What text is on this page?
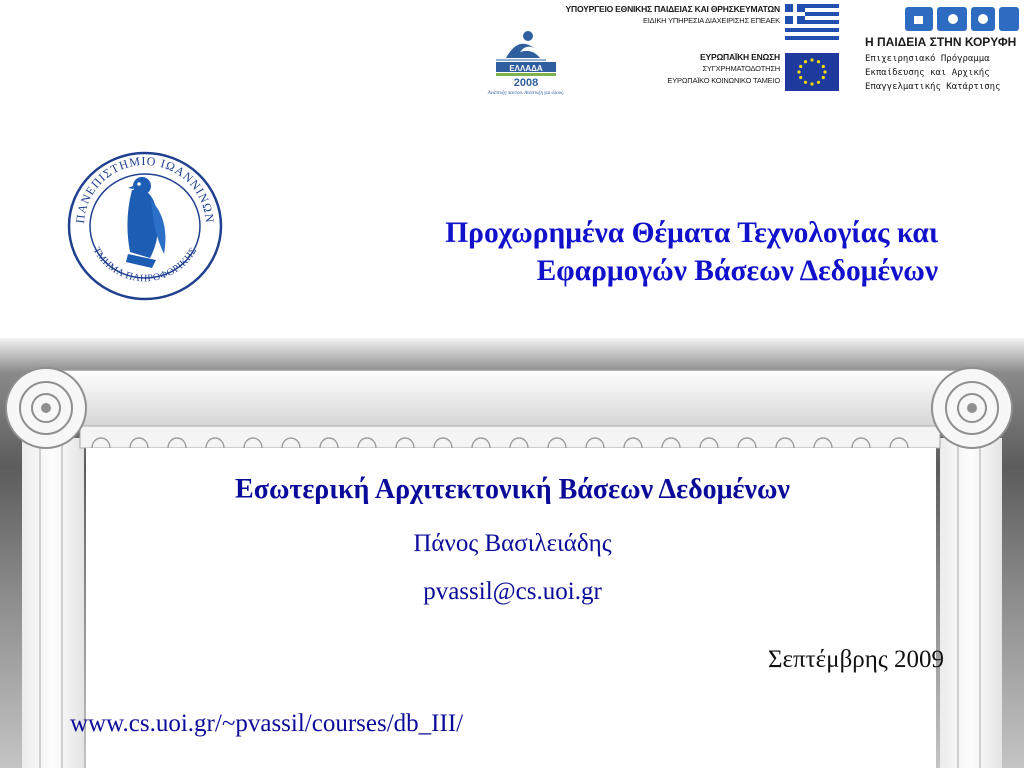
ΕΛΛΑΔΑ
2008
Ανάπτυξη παντού. Ανάπτυξη για όλους.
ΥΠΟΥΡΓΕΙΟ ΕΘΝΙΚΗΣ ΠΑΙΔΕΙΑΣ ΚΑΙ ΘΡΗΣΚΕΥΜΑΤΩΝ
ΕΙΔΙΚΗ ΥΠΗΡΕΣΙΑ ΔΙΑΧΕΙΡΙΣΗΣ ΕΠΕΑΕΚ
ΕΥΡΩΠΑΪΚΗ ΕΝΩΣΗ
ΣΥΓΧΡΗΜΑΤΟΔΟΤΗΣΗ
ΕΥΡΩΠΑΪΚΟ ΚΟΙΝΩΝΙΚΟ ΤΑΜΕΙΟ
Η ΠΑΙΔΕΙΑ ΣΤΗΝ ΚΟΡΥΦΗ
Επιχειρησιακό Πρόγραμμα
Εκπαίδευσης και Αρχικής
Επαγγελματικής Κατάρτισης
ΠΑΝΕΠΙΣΤΗΜΙΟ ΙΩΑΝΝΙΝΩΝ
ΤΜΗΜΑ ΠΛΗΡΟΦΟΡΙΚΗΣ
Προχωρημένα Θέματα Τεχνολογίας και
Εφαρμογών Βάσεων Δεδομένων
Εσωτερική Αρχιτεκτονική Βάσεων Δεδομένων
Πάνος Βασιλειάδης
pvassil@cs.uoi.gr
Σεπτέμβρης 2009
www.cs.uoi.gr/~pvassil/courses/db_III/
